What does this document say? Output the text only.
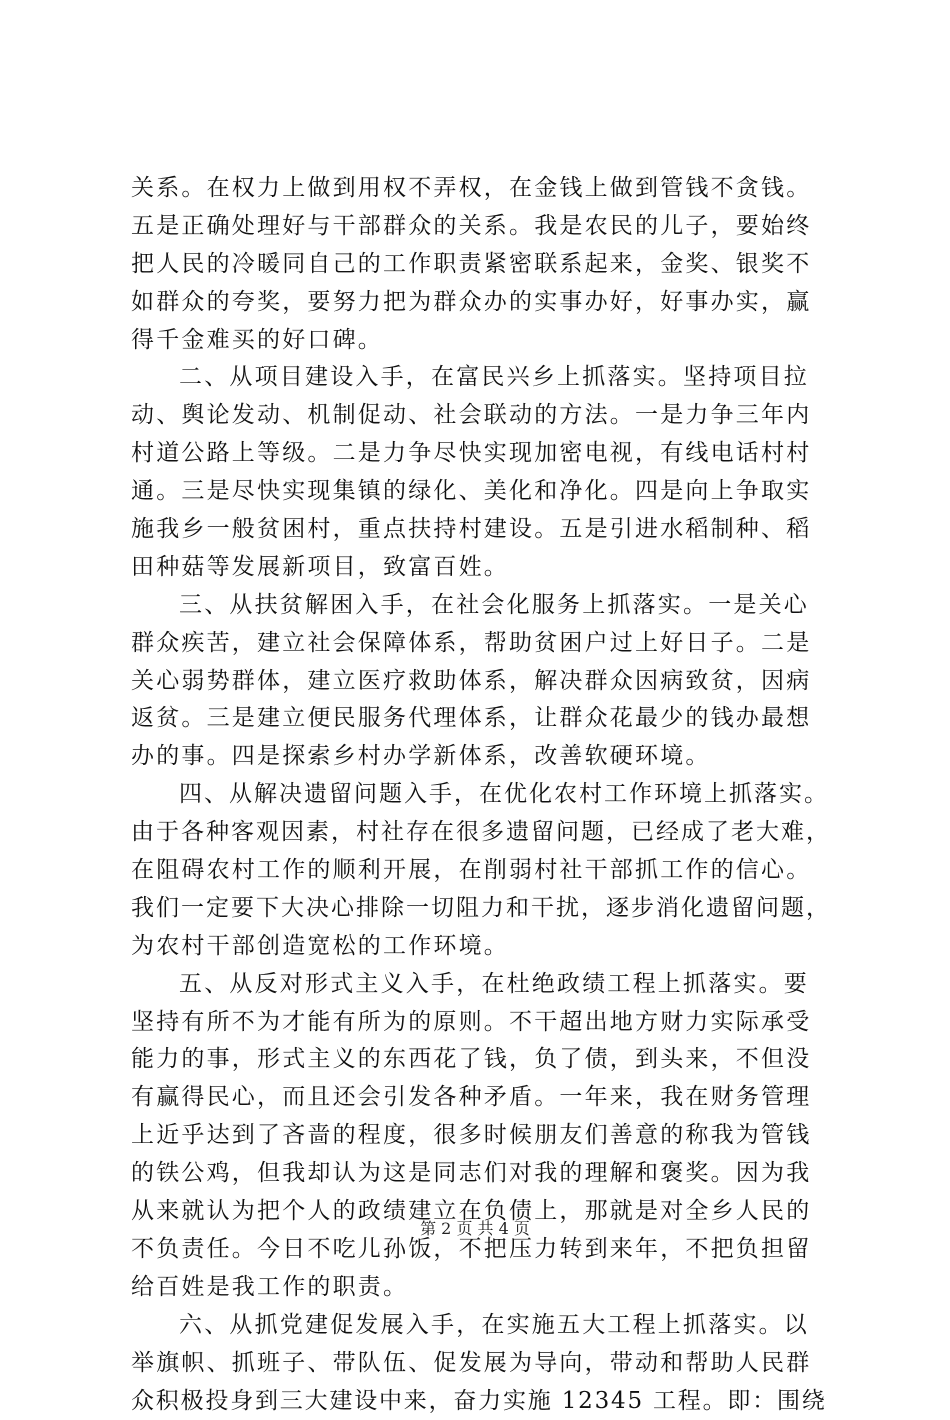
关系。在权力上做到用权不弄权，在金钱上做到管钱不贪钱。
五是正确处理好与干部群众的关系。我是农民的儿子，要始终
把人民的冷暖同自己的工作职责紧密联系起来，金奖、银奖不
如群众的夸奖，要努力把为群众办的实事办好，好事办实，赢
得千金难买的好口碑。
二、从项目建设入手，在富民兴乡上抓落实。坚持项目拉
动、舆论发动、机制促动、社会联动的方法。一是力争三年内
村道公路上等级。二是力争尽快实现加密电视，有线电话村村
通。三是尽快实现集镇的绿化、美化和净化。四是向上争取实
施我乡一般贫困村，重点扶持村建设。五是引进水稻制种、稻
田种菇等发展新项目，致富百姓。
三、从扶贫解困入手，在社会化服务上抓落实。一是关心
群众疾苦，建立社会保障体系，帮助贫困户过上好日子。二是
关心弱势群体，建立医疗救助体系，解决群众因病致贫，因病
返贫。三是建立便民服务代理体系，让群众花最少的钱办最想
办的事。四是探索乡村办学新体系，改善软硬环境。
四、从解决遗留问题入手，在优化农村工作环境上抓落实。
由于各种客观因素，村社存在很多遗留问题，已经成了老大难，
在阻碍农村工作的顺利开展，在削弱村社干部抓工作的信心。
我们一定要下大决心排除一切阻力和干扰，逐步消化遗留问题，
为农村干部创造宽松的工作环境。
五、从反对形式主义入手，在杜绝政绩工程上抓落实。要
坚持有所不为才能有所为的原则。不干超出地方财力实际承受
能力的事，形式主义的东西花了钱，负了债，到头来，不但没
有赢得民心，而且还会引发各种矛盾。一年来，我在财务管理
上近乎达到了吝啬的程度，很多时候朋友们善意的称我为管钱
的铁公鸡，但我却认为这是同志们对我的理解和褒奖。因为我
从来就认为把个人的政绩建立在负债上，那就是对全乡人民的
不负责任。今日不吃儿孙饭，不把压力转到来年，不把负担留
给百姓是我工作的职责。
六、从抓党建促发展入手，在实施五大工程上抓落实。以
举旗帜、抓班子、带队伍、促发展为导向，带动和帮助人民群
众积极投身到三大建设中来，奋力实施 12345 工程。即：围绕
第 2 页 共 4 页
